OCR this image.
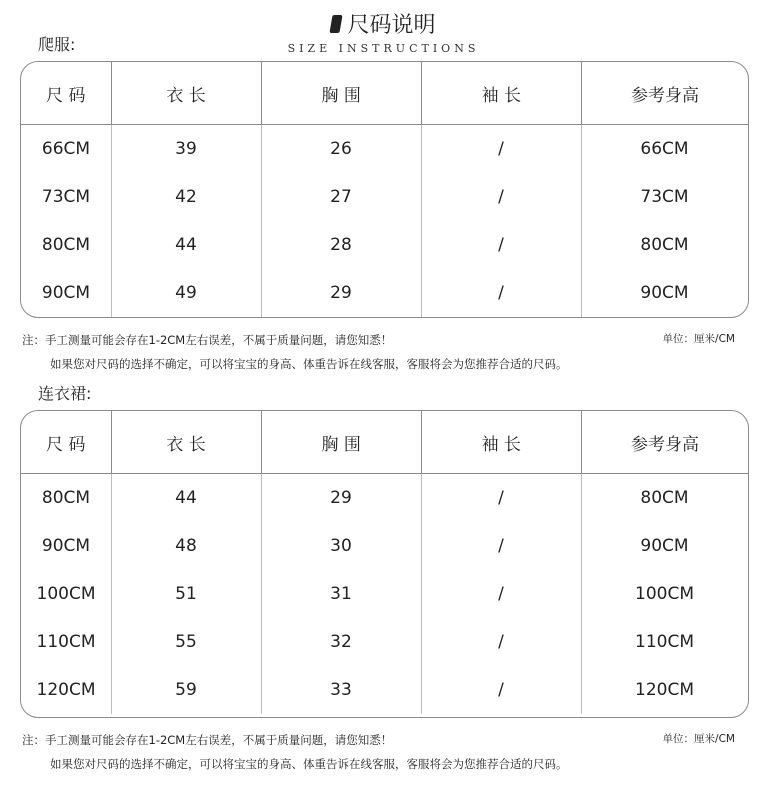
尺码说明
SIZE INSTRUCTIONS
爬服:
尺 码	衣 长	胸 围	袖 长	参考身高
66CM	39	26	/	66CM
73CM	42	27	/	73CM
80CM	44	28	/	80CM
90CM	49	29	/	90CM
注：手工测量可能会存在1-2CM左右误差，不属于质量问题，请您知悉！	单位：厘米/CM
如果您对尺码的选择不确定，可以将宝宝的身高、体重告诉在线客服，客服将会为您推荐合适的尺码。
连衣裙:
尺 码	衣 长	胸 围	袖 长	参考身高
80CM	44	29	/	80CM
90CM	48	30	/	90CM
100CM	51	31	/	100CM
110CM	55	32	/	110CM
120CM	59	33	/	120CM
注：手工测量可能会存在1-2CM左右误差，不属于质量问题，请您知悉！	单位：厘米/CM
如果您对尺码的选择不确定，可以将宝宝的身高、体重告诉在线客服，客服将会为您推荐合适的尺码。
